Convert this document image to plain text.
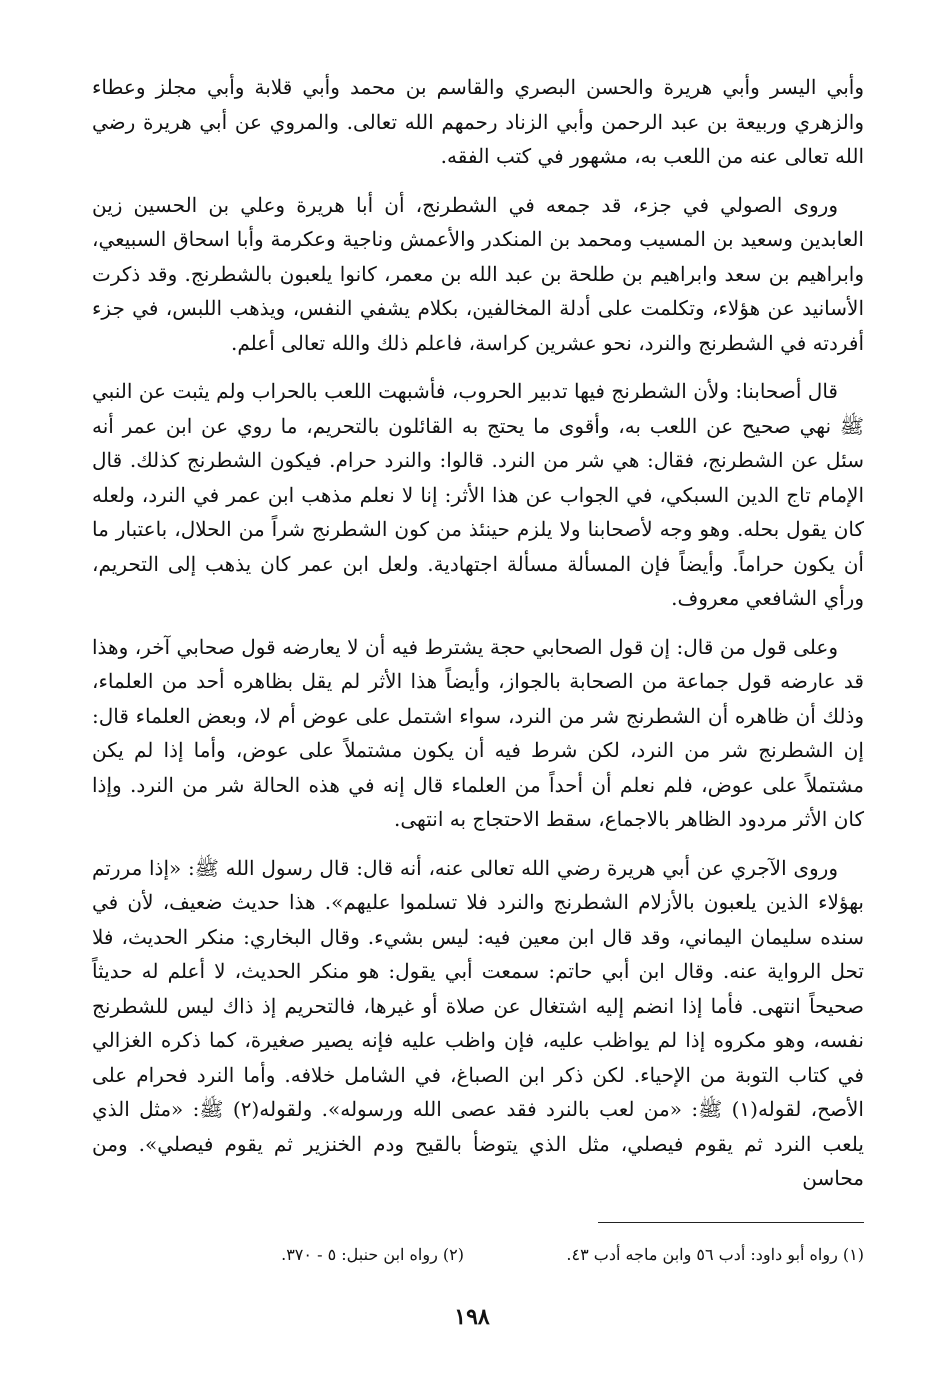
وأبي اليسر وأبي هريرة والحسن البصري والقاسم بن محمد وأبي قلابة وأبي مجلز وعطاء والزهري وربيعة بن عبد الرحمن وأبي الزناد رحمهم الله تعالى. والمروي عن أبي هريرة رضي الله تعالى عنه من اللعب به، مشهور في كتب الفقه.

وروى الصولي في جزء، قد جمعه في الشطرنج، أن أبا هريرة وعلي بن الحسين زين العابدين وسعيد بن المسيب ومحمد بن المنكدر والأعمش وناجية وعكرمة وأبا اسحاق السبيعي، وابراهيم بن سعد وابراهيم بن طلحة بن عبد الله بن معمر، كانوا يلعبون بالشطرنج. وقد ذكرت الأسانيد عن هؤلاء، وتكلمت على أدلة المخالفين، بكلام يشفي النفس، ويذهب اللبس، في جزء أفردته في الشطرنج والنرد، نحو عشرين كراسة، فاعلم ذلك والله تعالى أعلم.

قال أصحابنا: ولأن الشطرنج فيها تدبير الحروب، فأشبهت اللعب بالحراب ولم يثبت عن النبي ﷺ نهي صحيح عن اللعب به، وأقوى ما يحتج به القائلون بالتحريم، ما روي عن ابن عمر أنه سئل عن الشطرنج، فقال: هي شر من النرد. قالوا: والنرد حرام. فيكون الشطرنج كذلك. قال الإمام تاج الدين السبكي، في الجواب عن هذا الأثر: إنا لا نعلم مذهب ابن عمر في النرد، ولعله كان يقول بحله. وهو وجه لأصحابنا ولا يلزم حينئذ من كون الشطرنج شراً من الحلال، باعتبار ما أن يكون حراماً. وأيضاً فإن المسألة مسألة اجتهادية. ولعل ابن عمر كان يذهب إلى التحريم، ورأي الشافعي معروف.

وعلى قول من قال: إن قول الصحابي حجة يشترط فيه أن لا يعارضه قول صحابي آخر، وهذا قد عارضه قول جماعة من الصحابة بالجواز، وأيضاً هذا الأثر لم يقل بظاهره أحد من العلماء، وذلك أن ظاهره أن الشطرنج شر من النرد، سواء اشتمل على عوض أم لا، وبعض العلماء قال: إن الشطرنج شر من النرد، لكن شرط فيه أن يكون مشتملاً على عوض، وأما إذا لم يكن مشتملاً على عوض، فلم نعلم أن أحداً من العلماء قال إنه في هذه الحالة شر من النرد. وإذا كان الأثر مردود الظاهر بالاجماع، سقط الاحتجاج به انتهى.

وروى الآجري عن أبي هريرة رضي الله تعالى عنه، أنه قال: قال رسول الله ﷺ: «إذا مررتم بهؤلاء الذين يلعبون بالأزلام الشطرنج والنرد فلا تسلموا عليهم». هذا حديث ضعيف، لأن في سنده سليمان اليماني، وقد قال ابن معين فيه: ليس بشيء. وقال البخاري: منكر الحديث، فلا تحل الرواية عنه. وقال ابن أبي حاتم: سمعت أبي يقول: هو منكر الحديث، لا أعلم له حديثاً صحيحاً انتهى. فأما إذا انضم إليه اشتغال عن صلاة أو غيرها، فالتحريم إذ ذاك ليس للشطرنج نفسه، وهو مكروه إذا لم يواظب عليه، فإن واظب عليه فإنه يصير صغيرة، كما ذكره الغزالي في كتاب التوبة من الإحياء. لكن ذكر ابن الصباغ، في الشامل خلافه. وأما النرد فحرام على الأصح، لقوله(١) ﷺ: «من لعب بالنرد فقد عصى الله ورسوله». ولقوله(٢) ﷺ: «مثل الذي يلعب النرد ثم يقوم فيصلي، مثل الذي يتوضأ بالقيح ودم الخنزير ثم يقوم فيصلي». ومن محاسن

(١) رواه أبو داود: أدب ٥٦ وابن ماجه أدب ٤٣.
(٢) رواه ابن حنبل: ٥ - ٣٧٠.
١٩٨
